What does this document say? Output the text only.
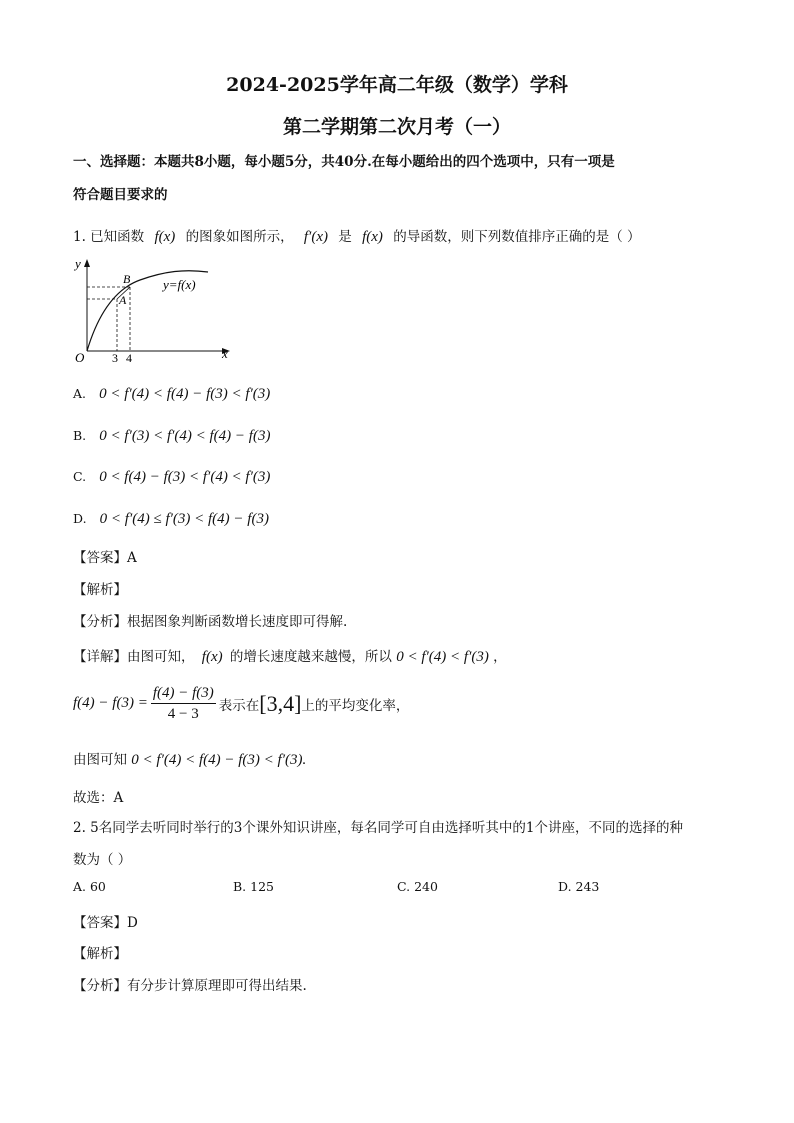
2024-2025学年高二年级（数学）学科
第二学期第二次月考（一）
一、选择题：本题共8小题，每小题5分，共40分.在每小题给出的四个选项中，只有一项是
符合题目要求的
1. 已知函数 f(x) 的图象如图所示， f′(x) 是 f(x) 的导函数，则下列数值排序正确的是（ ）
y
x
O 3 4
A
B	y=f(x)
A. 0 < f′(4) < f(4) − f(3) < f′(3)
B. 0 < f′(3) < f′(4) < f(4) − f(3)
C. 0 < f(4) − f(3) < f′(4) < f′(3)
D. 0 < f′(4) ≤ f′(3) < f(4) − f(3)
【答案】A
【解析】
【分析】根据图象判断函数增长速度即可得解.
【详解】由图可知， f(x) 的增长速度越来越慢，所以 0 < f′(4) < f′(3) ，
$f(4) - f(3) = \frac{f(4) - f(3)}{4 - 3}$ 表示在 [3,4] 上的平均变化率，
由图可知 0 < f′(4) < f(4) − f(3) < f′(3).
故选：A
2. 5名同学去听同时举行的3个课外知识讲座，每名同学可自由选择听其中的1个讲座，不同的选择的种
数为（ ）
A. 60	B. 125	C. 240	D. 243
【答案】D
【解析】
【分析】有分步计算原理即可得出结果.
